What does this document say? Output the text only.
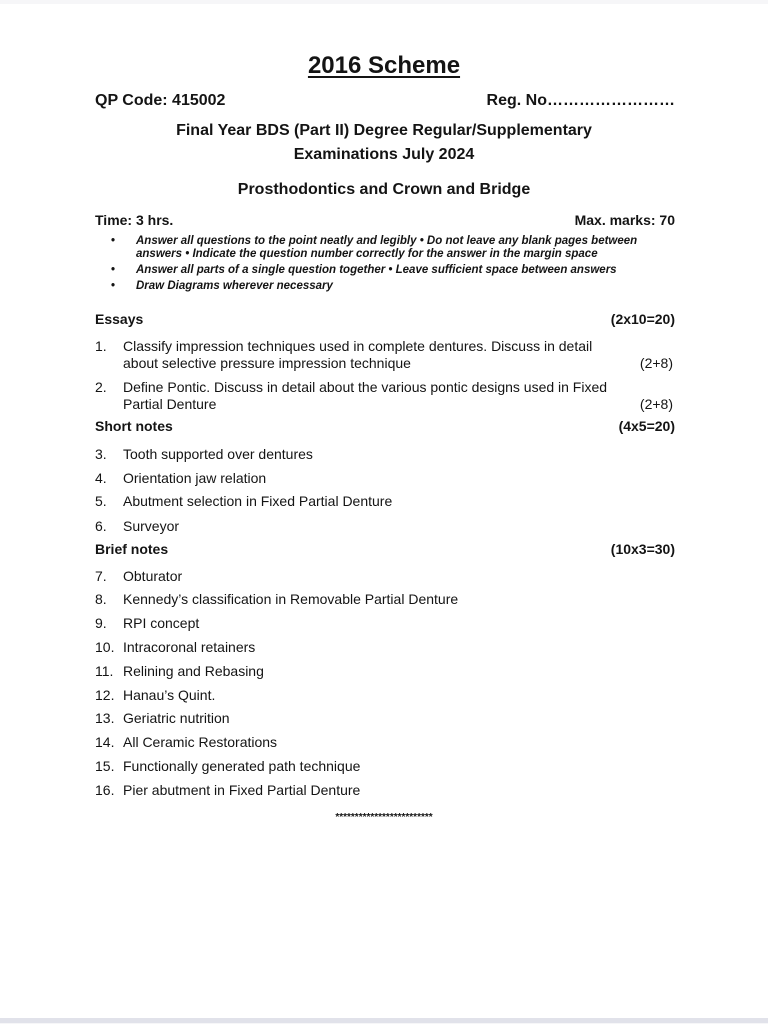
2016 Scheme
QP Code: 415002	Reg. No……………………
Final Year BDS (Part II) Degree Regular/Supplementary
Examinations July 2024
Prosthodontics and Crown and Bridge
Time: 3 hrs.	Max. marks: 70
• Answer all questions to the point neatly and legibly • Do not leave any blank pages between answers • Indicate the question number correctly for the answer in the margin space
• Answer all parts of a single question together • Leave sufficient space between answers
• Draw Diagrams wherever necessary
Essays	(2x10=20)
1. Classify impression techniques used in complete dentures. Discuss in detail
about selective pressure impression technique	(2+8)
2. Define Pontic. Discuss in detail about the various pontic designs used in Fixed
Partial Denture	(2+8)
Short notes	(4x5=20)
3. Tooth supported over dentures
4. Orientation jaw relation
5. Abutment selection in Fixed Partial Denture
6. Surveyor
Brief notes	(10x3=30)
7. Obturator
8. Kennedy’s classification in Removable Partial Denture
9. RPI concept
10. Intracoronal retainers
11. Relining and Rebasing
12. Hanau’s Quint.
13. Geriatric nutrition
14. All Ceramic Restorations
15. Functionally generated path technique
16. Pier abutment in Fixed Partial Denture
*************************
